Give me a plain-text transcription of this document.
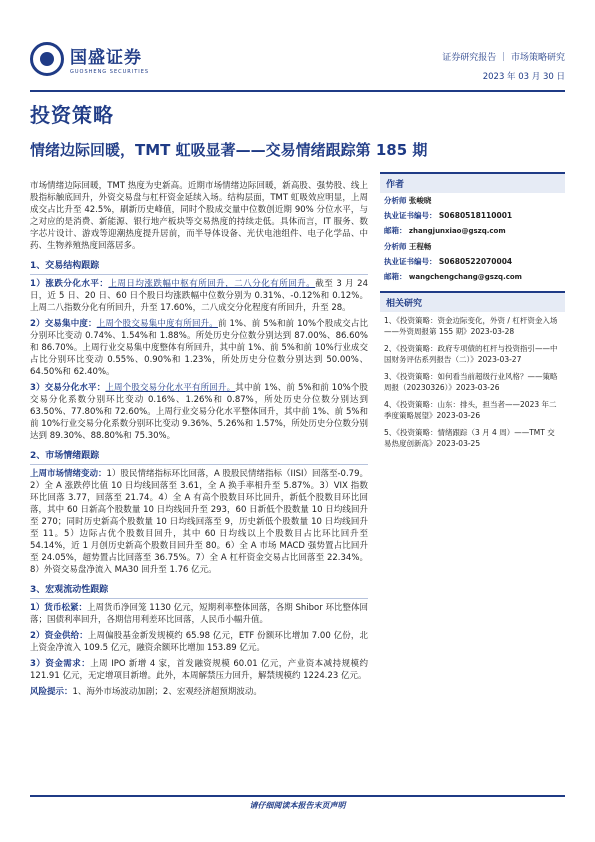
国盛证券
GUOSHENG SECURITIES
证券研究报告 ｜ 市场策略研究
2023 年 03 月 30 日
投资策略
情绪边际回暖，TMT 虹吸显著——交易情绪跟踪第 185 期

市场情绪边际回暖，TMT 热度为史新高。近期市场情绪边际回暖，新高股、强势股、线上股指标触底回升，外资交易盘与杠杆资金延续入场。结构层面，TMT 虹吸效应明显，上周成交占比升至 42.5%，刷新历史峰值，同时个股成交量中位数创近期 90% 分位水平，与之对应的是消费、新能源、银行地产板块等交易热度的持续走低。具体而言，IT 服务、数字芯片设计、游戏等迎潮热度提升居前，而半导体设备、光伏电池组件、电子化学品、中药、生物养殖热度回落居多。

1、交易结构跟踪

1）涨跌分化水平：上周日均涨跌幅中枢有所回升，二八分化有所回升。截至 3 月 24 日，近 5 日、20 日、60 日个股日均涨跌幅中位数分别为 0.31%、-0.12%和 0.12%。上周二八指数分化有所回升，升至 17.60%，二八成交分化程度有所回升，升至 28。

2）交易集中度：上周个股交易集中度有所回升。前 1%、前 5%和前 10%个股成交占比分别环比变动 0.74%、1.54%和 1.88%。所处历史分位数分别达到 87.00%、86.60%和 86.70%。上周行业交易集中度整体有所回升，其中前 1%、前 5%和前 10%行业成交占比分别环比变动 0.55%、0.90%和 1.23%，所处历史分位数分别达到 50.00%、64.50%和 62.40%。

3）交易分化水平：上周个股交易分化水平有所回升。其中前 1%、前 5%和前 10%个股交易分化系数分别环比变动 0.16%、1.26%和 0.87%，所处历史分位数分别达到 63.50%、77.80%和 72.60%。上周行业交易分化水平整体回升，其中前 1%、前 5%和前 10%行业交易分化系数分别环比变动 9.36%、5.26%和 1.57%，所处历史分位数分别达到 89.30%、88.80%和 75.30%。

2、市场情绪跟踪

上周市场情绪变动：1）股民情绪指标环比回落，A 股股民情绪指标（IISI）回落至-0.79。2）全 A 涨跌停比值 10 日均线回落至 3.61，全 A 换手率相升至 5.87%。3）VIX 指数环比回落 3.77，回落至 21.74。4）全 A 有高个股数目环比回升，新低个股数目环比回落，其中 60 日新高个股数量 10 日均线回升至 293，60 日新低个股数量 10 日均线回升至 270；同时历史新高个股数量 10 日均线回落至 9，历史新低个股数量 10 日均线回升至 11。5）边际占优个股数目回升，其中 60 日均线以上个股数目占比环比回升至 54.14%，近 1 月创历史新高个股数目回升至 80。6）全 A 市场 MACD 强势置占比回升至 24.05%，超势置占比回落至 36.75%。7）全 A 杠杆资金交易占比回落至 22.34%。8）外资交易盘净流入 MA30 回升至 1.76 亿元。

3、宏观流动性跟踪

1）货币松紧：上周货币净回笼 1130 亿元，短期利率整体回落，各期 Shibor 环比整体回落；国债利率回升，各期信用利差环比回落，人民币小幅升值。

2）资金供给：上周偏股基金新发规模约 65.98 亿元，ETF 份额环比增加 7.00 亿份，北上资金净流入 109.5 亿元，融资余额环比增加 153.89 亿元。

3）资金需求：上周 IPO 新增 4 家，首发融资规模 60.01 亿元，产业资本减持规模约 121.91 亿元，无定增项目新增。此外，本周解禁压力回升，解禁规模约 1224.23 亿元。

风险提示：1、海外市场波动加剧；2、宏观经济超预期波动。

作者
分析师 张峻晓
执业证书编号： S0680518110001
邮箱： zhangjunxiao@gszq.com
分析师 王程畅
执业证书编号： S0680522070004
邮箱： wangchengchang@gszq.com
相关研究
1、《投资策略：资金边际变化，外资 / 杠杆资金入场——外资周报第 155 期》2023-03-28
2、《投资策略：政府专项债的杠杆与投资指引——中国财务评估系列报告（二）》2023-03-27
3、《投资策略：如何看当前超级行业风格？——策略周报（20230326）》2023-03-26
4、《投资策略：山东：排头，担当者——2023 年二季度策略展望》2023-03-26
5、《投资策略：情绪跟踪（3 月 4 周）——TMT 交易热度创新高》2023-03-25
请仔细阅读本报告末页声明
